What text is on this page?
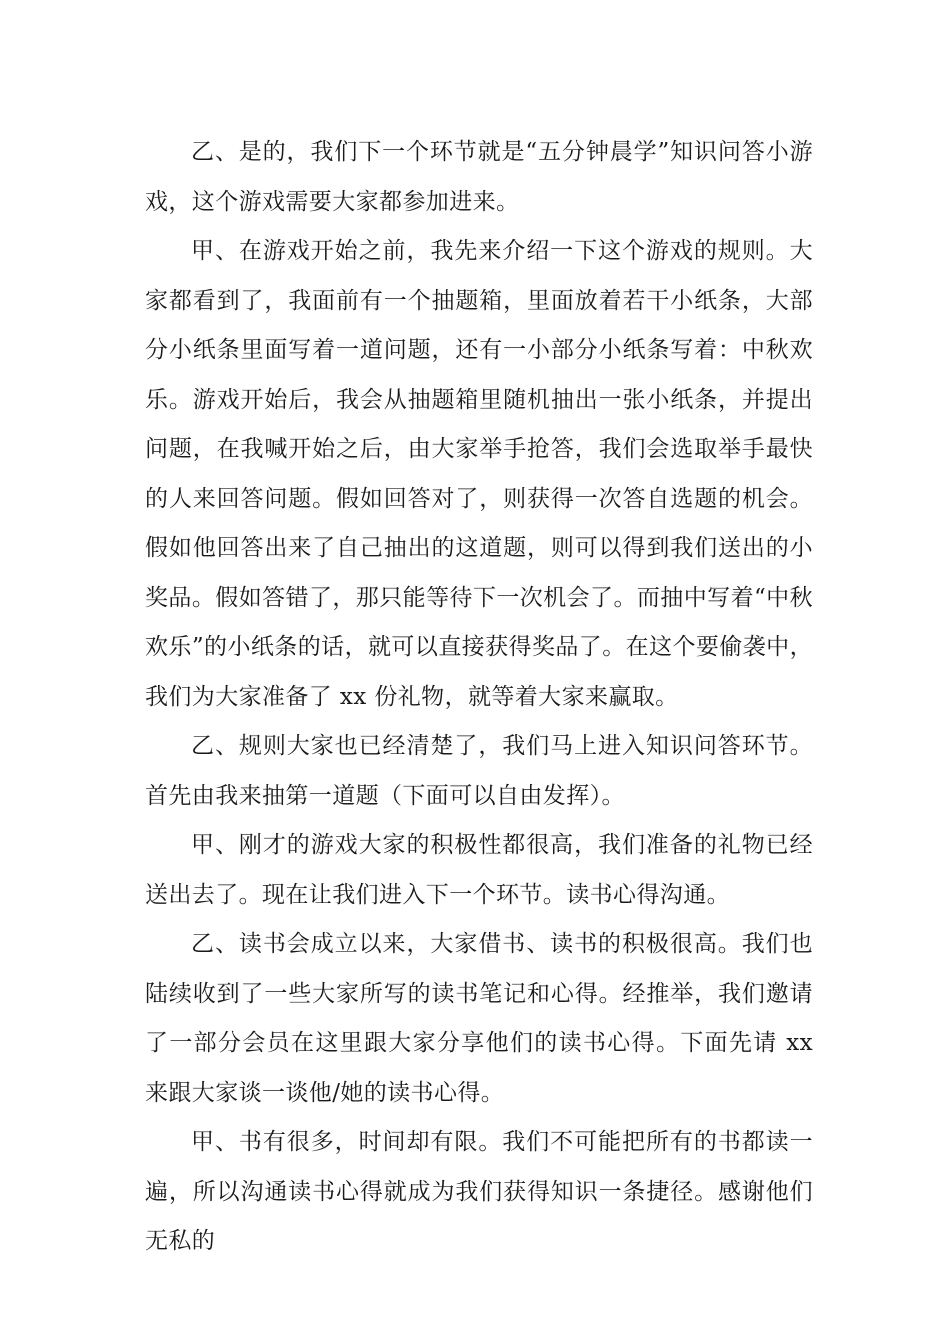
乙、是的，我们下一个环节就是“五分钟晨学”知识问答小游戏，这个游戏需要大家都参加进来。

甲、在游戏开始之前，我先来介绍一下这个游戏的规则。大家都看到了，我面前有一个抽题箱，里面放着若干小纸条，大部分小纸条里面写着一道问题，还有一小部分小纸条写着：中秋欢乐。游戏开始后，我会从抽题箱里随机抽出一张小纸条，并提出问题，在我喊开始之后，由大家举手抢答，我们会选取举手最快的人来回答问题。假如回答对了，则获得一次答自选题的机会。假如他回答出来了自己抽出的这道题，则可以得到我们送出的小奖品。假如答错了，那只能等待下一次机会了。而抽中写着“中秋欢乐”的小纸条的话，就可以直接获得奖品了。在这个要偷袭中，我们为大家准备了 xx 份礼物，就等着大家来赢取。

乙、规则大家也已经清楚了，我们马上进入知识问答环节。首先由我来抽第一道题（下面可以自由发挥）。

甲、刚才的游戏大家的积极性都很高，我们准备的礼物已经送出去了。现在让我们进入下一个环节。读书心得沟通。

乙、读书会成立以来，大家借书、读书的积极很高。我们也陆续收到了一些大家所写的读书笔记和心得。经推举，我们邀请了一部分会员在这里跟大家分享他们的读书心得。下面先请 xx 来跟大家谈一谈他/她的读书心得。

甲、书有很多，时间却有限。我们不可能把所有的书都读一遍，所以沟通读书心得就成为我们获得知识一条捷径。感谢他们无私的
